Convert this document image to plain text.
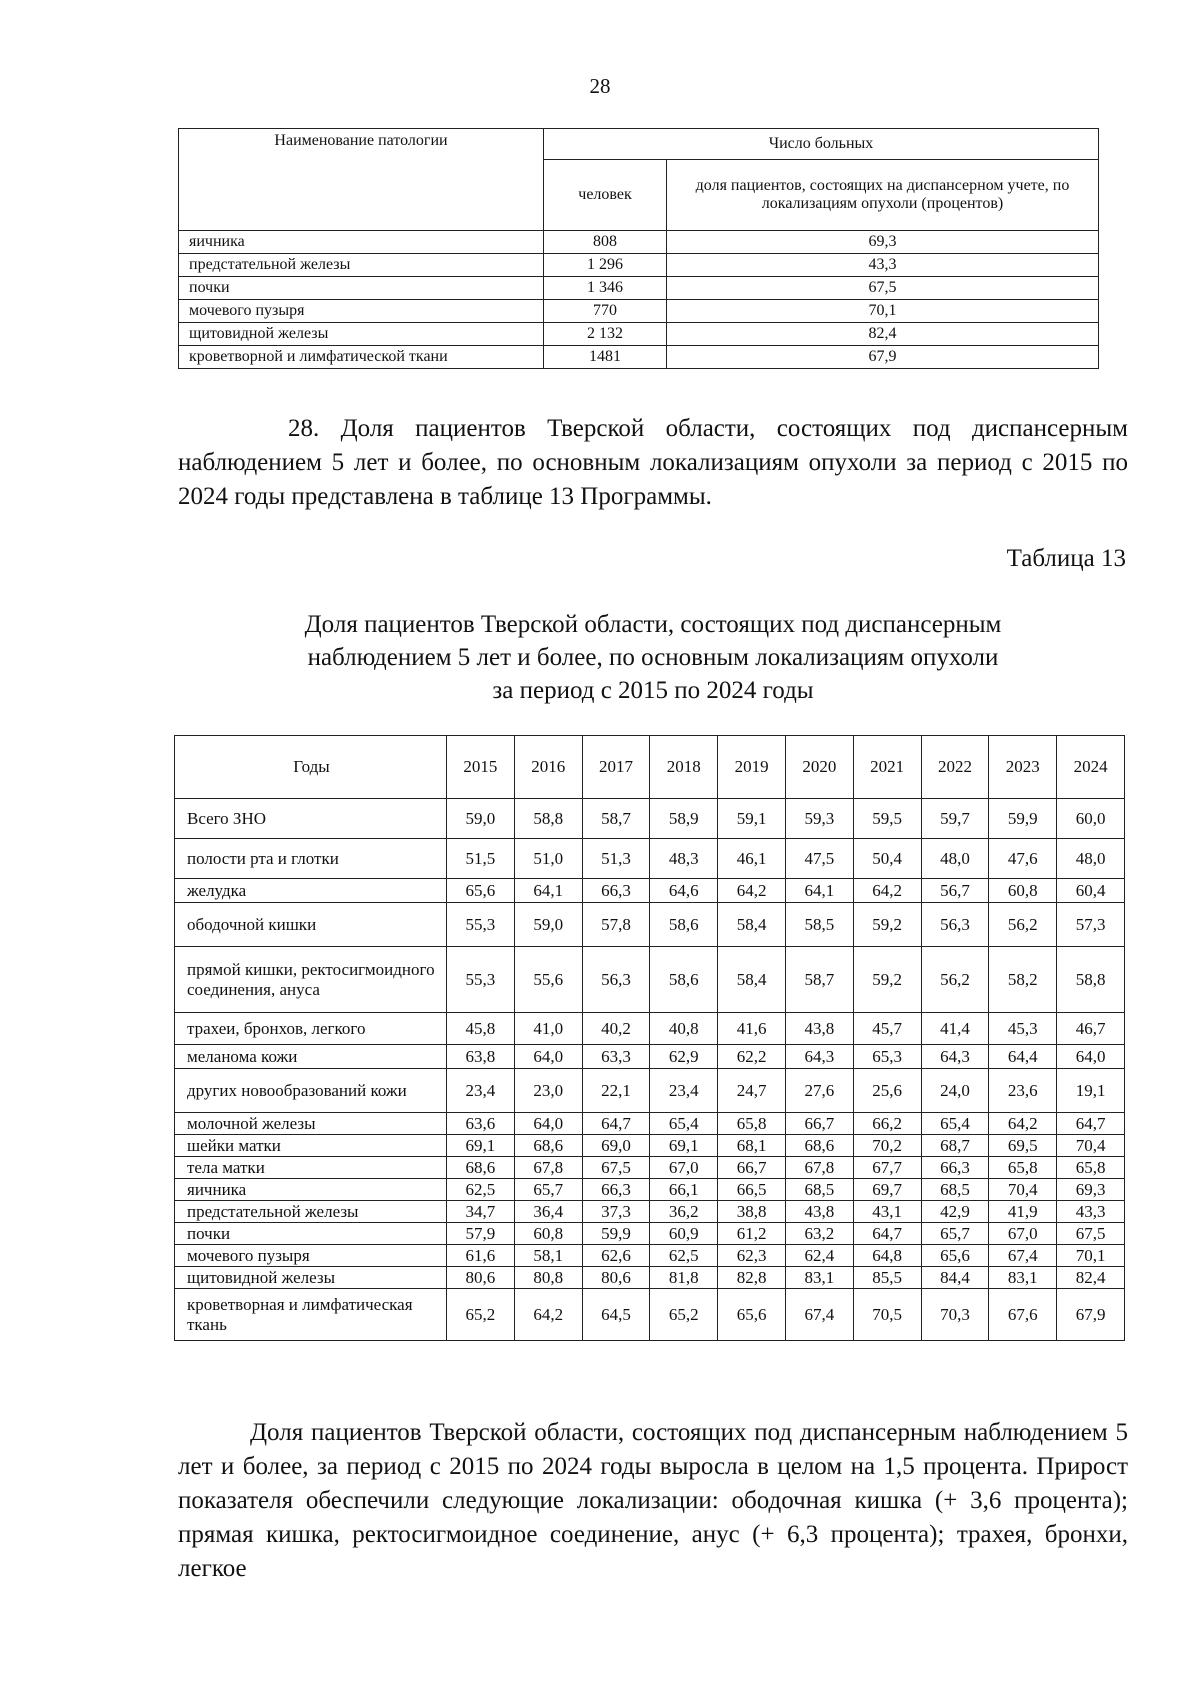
28
Наименование патологии	Число больных	
	человек	доля пациентов, состоящих на диспансерном учете, по локализациям опухоли (процентов)
яичника	808	69,3
предстательной железы	1 296	43,3
почки	1 346	67,5
мочевого пузыря	770	70,1
щитовидной железы	2 132	82,4
кроветворной и лимфатической ткани	1481	67,9
28. Доля пациентов Тверской области, состоящих под диспансерным наблюдением 5 лет и более, по основным локализациям опухоли за период с 2015 по 2024 годы представлена в таблице 13 Программы.
Таблица 13
Доля пациентов Тверской области, состоящих под диспансерным
наблюдением 5 лет и более, по основным локализациям опухоли
за период с 2015 по 2024 годы
Годы	2015	2016	2017	2018	2019	2020	2021	2022	2023	2024
Всего ЗНО	59,0	58,8	58,7	58,9	59,1	59,3	59,5	59,7	59,9	60,0
полости рта и глотки	51,5	51,0	51,3	48,3	46,1	47,5	50,4	48,0	47,6	48,0
желудка	65,6	64,1	66,3	64,6	64,2	64,1	64,2	56,7	60,8	60,4
ободочной кишки	55,3	59,0	57,8	58,6	58,4	58,5	59,2	56,3	56,2	57,3
прямой кишки, ректосигмоидного соединения, ануса	55,3	55,6	56,3	58,6	58,4	58,7	59,2	56,2	58,2	58,8
трахеи, бронхов, легкого	45,8	41,0	40,2	40,8	41,6	43,8	45,7	41,4	45,3	46,7
меланома кожи	63,8	64,0	63,3	62,9	62,2	64,3	65,3	64,3	64,4	64,0
других новообразований кожи	23,4	23,0	22,1	23,4	24,7	27,6	25,6	24,0	23,6	19,1
молочной железы	63,6	64,0	64,7	65,4	65,8	66,7	66,2	65,4	64,2	64,7
шейки матки	69,1	68,6	69,0	69,1	68,1	68,6	70,2	68,7	69,5	70,4
тела матки	68,6	67,8	67,5	67,0	66,7	67,8	67,7	66,3	65,8	65,8
яичника	62,5	65,7	66,3	66,1	66,5	68,5	69,7	68,5	70,4	69,3
предстательной железы	34,7	36,4	37,3	36,2	38,8	43,8	43,1	42,9	41,9	43,3
почки	57,9	60,8	59,9	60,9	61,2	63,2	64,7	65,7	67,0	67,5
мочевого пузыря	61,6	58,1	62,6	62,5	62,3	62,4	64,8	65,6	67,4	70,1
щитовидной железы	80,6	80,8	80,6	81,8	82,8	83,1	85,5	84,4	83,1	82,4
кроветворная и лимфатическая ткань	65,2	64,2	64,5	65,2	65,6	67,4	70,5	70,3	67,6	67,9
Доля пациентов Тверской области, состоящих под диспансерным наблюдением 5 лет и более, за период с 2015 по 2024 годы выросла в целом на 1,5 процента. Прирост показателя обеспечили следующие локализации: ободочная кишка (+ 3,6 процента); прямая кишка, ректосигмоидное соединение, анус (+ 6,3 процента); трахея, бронхи, легкое
